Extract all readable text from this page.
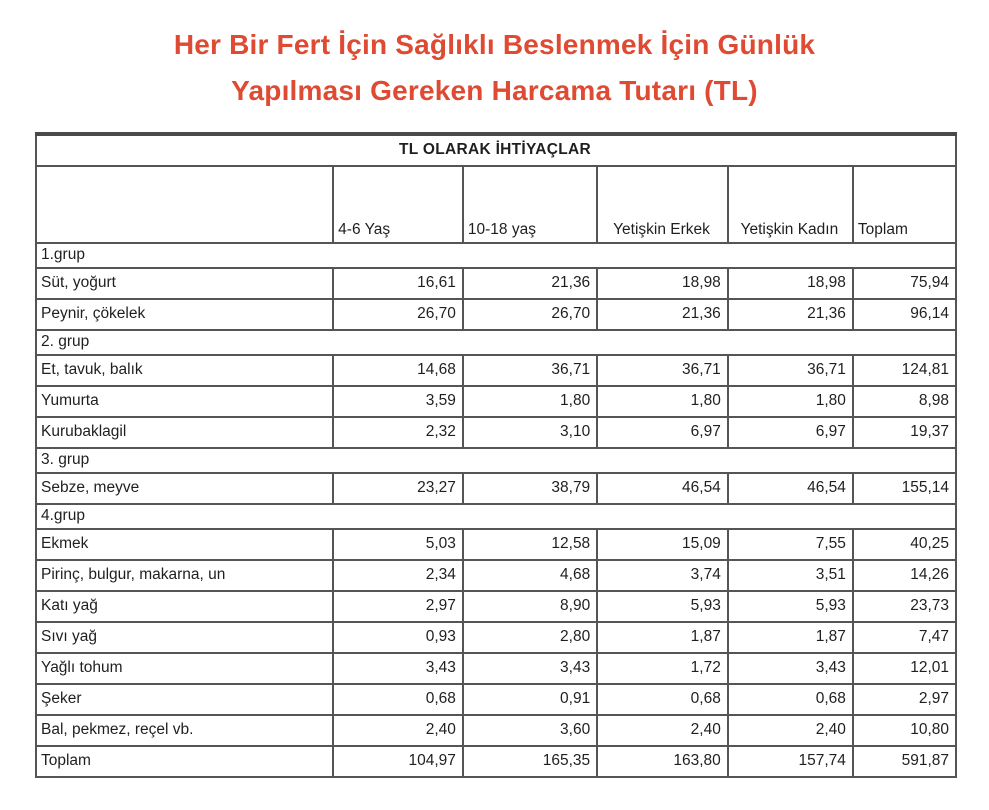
Her Bir Fert İçin Sağlıklı Beslenmek İçin Günlük
Yapılması Gereken Harcama Tutarı (TL)
TL OLARAK İHTİYAÇLAR					
	4-6 Yaş	10-18 yaş	Yetişkin Erkek	Yetişkin Kadın	Toplam
1.grup					
Süt, yoğurt	16,61	21,36	18,98	18,98	75,94
Peynir, çökelek	26,70	26,70	21,36	21,36	96,14
2. grup					
Et, tavuk, balık	14,68	36,71	36,71	36,71	124,81
Yumurta	3,59	1,80	1,80	1,80	8,98
Kurubaklagil	2,32	3,10	6,97	6,97	19,37
3. grup					
Sebze, meyve	23,27	38,79	46,54	46,54	155,14
4.grup					
Ekmek	5,03	12,58	15,09	7,55	40,25
Pirinç, bulgur, makarna, un	2,34	4,68	3,74	3,51	14,26
Katı yağ	2,97	8,90	5,93	5,93	23,73
Sıvı yağ	0,93	2,80	1,87	1,87	7,47
Yağlı tohum	3,43	3,43	1,72	3,43	12,01
Şeker	0,68	0,91	0,68	0,68	2,97
Bal, pekmez, reçel vb.	2,40	3,60	2,40	2,40	10,80
Toplam	104,97	165,35	163,80	157,74	591,87
